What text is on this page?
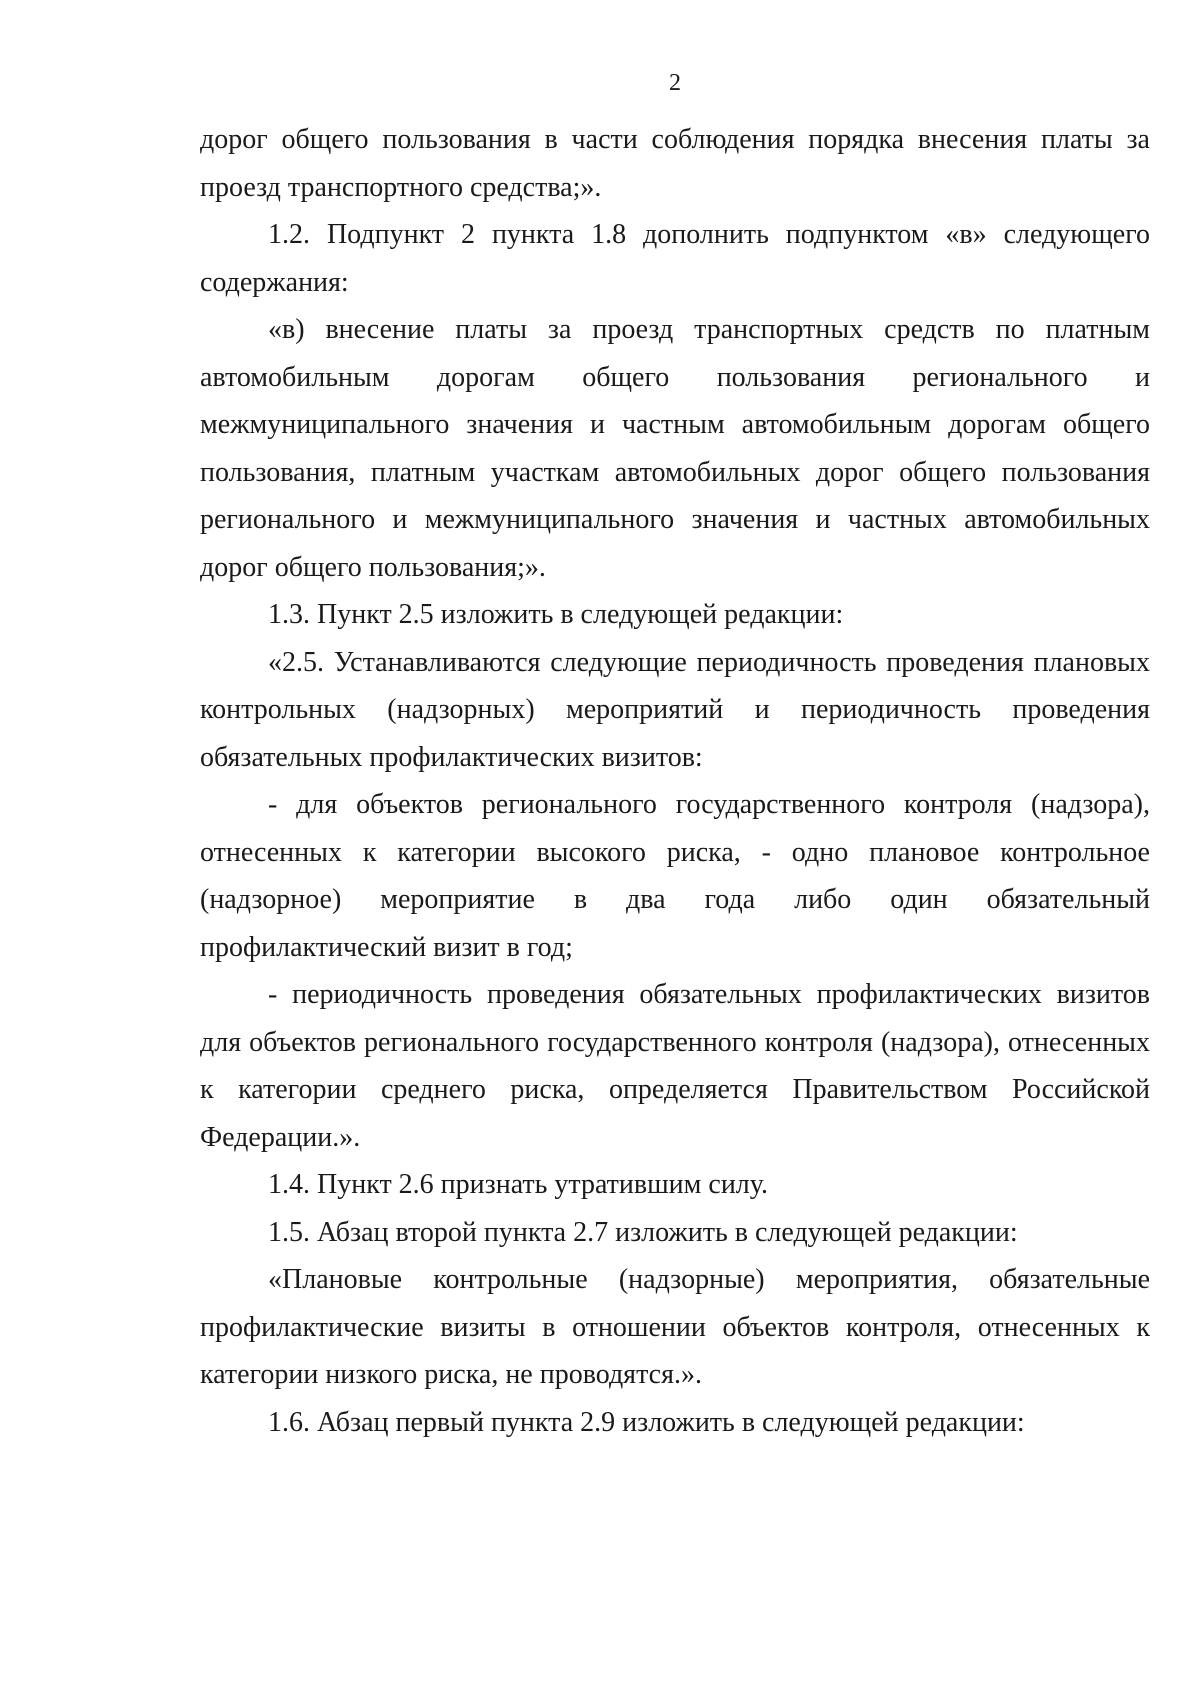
2

дорог общего пользования в части соблюдения порядка внесения платы за проезд транспортного средства;».

1.2. Подпункт 2 пункта 1.8 дополнить подпунктом «в» следующего содержания:

«в) внесение платы за проезд транспортных средств по платным автомобильным дорогам общего пользования регионального и межмуниципального значения и частным автомобильным дорогам общего пользования, платным участкам автомобильных дорог общего пользования регионального и межмуниципального значения и частных автомобильных дорог общего пользования;».

1.3. Пункт 2.5 изложить в следующей редакции:

«2.5. Устанавливаются следующие периодичность проведения плановых контрольных (надзорных) мероприятий и периодичность проведения обязательных профилактических визитов:

- для объектов регионального государственного контроля (надзора), отнесенных к категории высокого риска, - одно плановое контрольное (надзорное) мероприятие в два года либо один обязательный профилактический визит в год;

- периодичность проведения обязательных профилактических визитов для объектов регионального государственного контроля (надзора), отнесенных к категории среднего риска, определяется Правительством Российской Федерации.».

1.4. Пункт 2.6 признать утратившим силу.

1.5. Абзац второй пункта 2.7 изложить в следующей редакции:

«Плановые контрольные (надзорные) мероприятия, обязательные профилактические визиты в отношении объектов контроля, отнесенных к категории низкого риска, не проводятся.».

1.6. Абзац первый пункта 2.9 изложить в следующей редакции:
